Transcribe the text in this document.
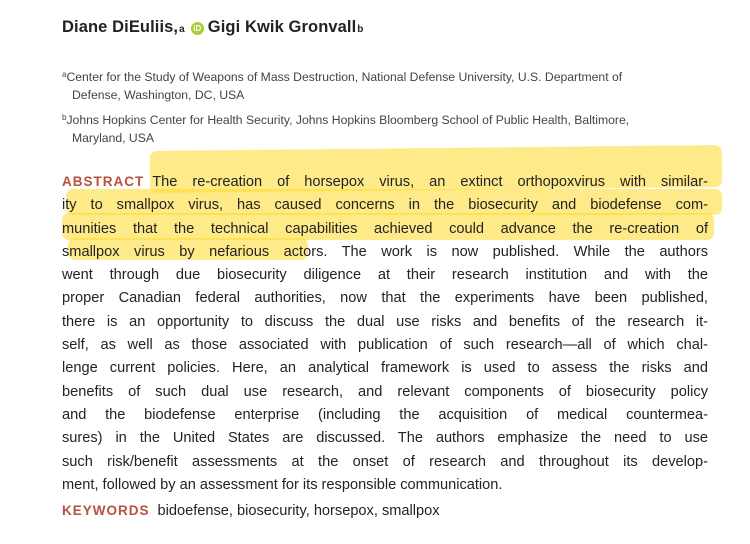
Diane DiEuliis, a iD Gigi Kwik Gronvall b
$^a$Center for the Study of Weapons of Mass Destruction, National Defense University, U.S. Department of
Defense, Washington, DC, USA
$^b$Johns Hopkins Center for Health Security, Johns Hopkins Bloomberg School of Public Health, Baltimore,
Maryland, USA
ABSTRACT The re-creation of horsepox virus, an extinct orthopoxvirus with similar-
ity to smallpox virus, has caused concerns in the biosecurity and biodefense com-
munities that the technical capabilities achieved could advance the re-creation of
smallpox virus by nefarious actors. The work is now published. While the authors
went through due biosecurity diligence at their research institution and with the
proper Canadian federal authorities, now that the experiments have been published,
there is an opportunity to discuss the dual use risks and benefits of the research it-
self, as well as those associated with publication of such research—all of which chal-
lenge current policies. Here, an analytical framework is used to assess the risks and
benefits of such dual use research, and relevant components of biosecurity policy
and the biodefense enterprise (including the acquisition of medical countermea-
sures) in the United States are discussed. The authors emphasize the need to use
such risk/benefit assessments at the onset of research and throughout its develop-
ment, followed by an assessment for its responsible communication.
KEYWORDS bidoefense, biosecurity, horsepox, smallpox
